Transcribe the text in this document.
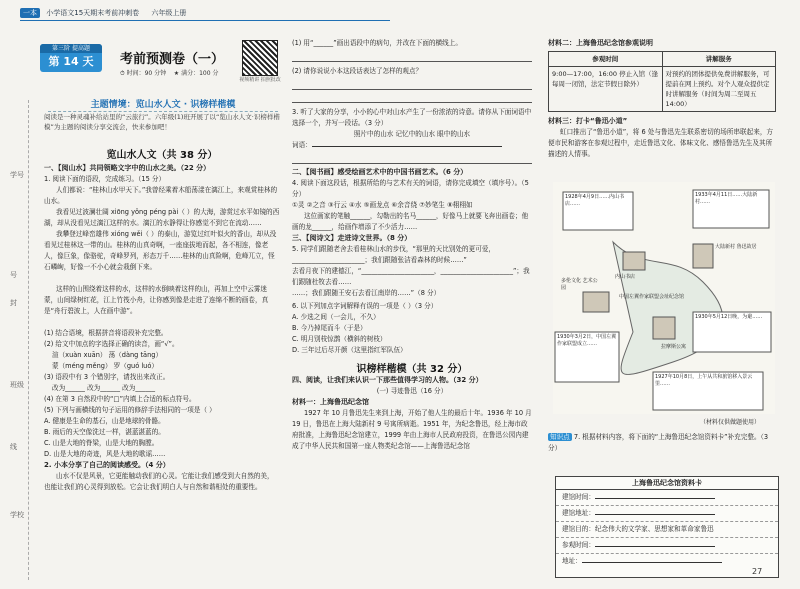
一本 小学语文15天期末考前冲刺卷 六年级上册
学号
号
封
班级
线
学校
第三阶 提高题
第 14 天	考前预测卷（一）
⏱ 时间：90 分钟 ★ 满分：100 分
视频精讲 拍照批改
主题情境：览山水人文 · 识榜样楷模
阅读是一种灵魂补给站里的“云旅行”。六年级(1)班开展了以“览山水人文·识榜样楷模”为主题的阅读分享交流会，快来参加吧！
览山水人文（共 38 分）
一、【阅山水】共同领略文字中的山水之美。（22 分）
1. 阅读下面的语段，完成练习。（15 分）
人们都说：“桂林山水甲天下。”我曾经乘着木船荡漾在漓江上，来观赏桂林的山水。
我看见过波澜壮阔 xiōng yǒng péng pài（ ）的大海，游赏过水平如镜的西湖，却从没看见过漓江这样的水。漓江的水静得让你感觉不到它在流动……
我攀登过峰峦雄伟 xióng wěi（ ）的泰山，游览过红叶似火的香山，却从没看见过桂林这一带的山。桂林的山真奇啊，一座座拔地而起，各不相连，像老人，像巨象，像骆驼，奇峰罗列，形态万千……桂林的山真险啊，危峰兀立，怪石嶙峋，好像一不小心就会栽倒下来。
这样的山围绕着这样的水，这样的水倒映着这样的山，再加上空中云雾迷蒙，山间绿树红花，江上竹筏小舟，让你感到像是走进了连绵不断的画卷，真是“舟行碧波上，人在画中游”。
(1) 结合语境，根据拼音将语段补充完整。
(2) 给文中加点的字选择正确的读音，画“√”。
渲（xuàn xuān） 荡（dàng tāng）
蒙（méng měng） 罗（guó luó）
(3) 语段中有 3 个错别字，请找出来改正。
改为______ 改为______ 改为______
(4) 在第 3 自然段中的“□”内填上合适的标点符号。
(5) 下列与画横线的句子运用的修辞手法相同的一项是（ ）
A. 健康是生命的基石，山是地球的骨骼。
B. 雨后的天空像洗过一样，湛蓝湛蓝的。
C. 山是大地的脊梁，山是大地的胸膛。
D. 山是大地的奇迹，风是大地的歌谣……
2. 小本分享了自己的阅读感受。（4 分）
山水不仅是风景，它更能触动我们的心灵。它能让我们感受到大自然的美，也能让我们的心灵得到放松。它会让我们明白人与自然和谐相处的重要性。
(1) 用“______”画出语段中的病句，并改在下面的横线上。
(2) 请你说说小本这段话表达了怎样的观点？
3. 听了大家的分享，小小的心中对山水产生了一份浓浓的诗意。请你从下面词语中选择一个，并写一段话。（3 分）
照片中的山水 记忆中的山水 眼中的山水
词语：
二、【阅书画】感受绘画艺术中的中国书画艺术。（6 分）
4. 阅读下面这段话，根据所给的与艺术有关的词语，请你完成填空（填序号）。（5 分）
①灵 ②之音 ③行云 ④水 ⑤画龙点 ⑥余音绕 ⑦妙笔生 ⑧栩栩如
这位画家的笔触______，勾勒出的名马______，好像马上就要飞奔出画卷；他画的龙______，给画作增添了不少活力……
三、【阅诗文】走进诗文世界。（8 分）
5. 同学们跟随老舍去看桂林山水的步伐，“那里的天比别处的更可爱，______________________；我们跟随张洁看森林的时候……”
去看月夜下的建德江，“______________________，______________________”；我们跟随杜牧去看……
……；我们跟随王安石去看江南岸的……”（8 分）
6. 以下列加点字词解释有误的一项是（ ）（3 分）
A. 少选之间（一会儿，不久）
B. 今乃掉尾而斗（于是）
C. 明月别枝惊鹊（横斜的树枝）
D. 三年过后尽开颜（这里指红军队伍）
识榜样楷模（共 32 分）
四、阅读，让我们来认识一下那些值得学习的人物。（32 分）
(一) 寻迹鲁迅（16 分）
材料一：上海鲁迅纪念馆
1927 年 10 月鲁迅先生来到上海，开始了他人生的最后十年。1936 年 10 月 19 日，鲁迅在上海大陆新村 9 号寓所病逝。1951 年，为纪念鲁迅，经上海市政府批准，上海鲁迅纪念馆建立，1999 年由上海市人民政府投资，在鲁迅公园内建成了中华人民共和国第一座人物类纪念馆——上海鲁迅纪念馆
材料二：上海鲁迅纪念馆参观说明
参观时间	讲解服务
9:00—17:00，16:00 停止入馆（逢每周一闭馆，法定节假日除外）	对预约的团体提供免费讲解服务，可提前在网上预约。对个人观众提供定时讲解服务（时间为周二至周五 14:00）
材料三：打卡“鲁迅小道”
虹口推出了“鲁迅小道”，将 6 处与鲁迅先生联系密切的场所串联起来，方便市民和游客在参观过程中，走近鲁迅文化、体味文化、感悟鲁迅先生及其所描述的人情事。
1928年4月9日……内山书店……
1933年4月11日……大陆新村……
内山书店
大陆新村 鲁迅故居
多伦文化 艺术公园
中国左翼作家联盟会址纪念馆
拉摩斯公寓
1930年5月12日晚，为避……
1930年3月2日，中国左翼作家联盟成立……
1927年10月8日，上午从共和旅馆移入景云里……
（材料仅供做题使用）
知识点 7. 根据材料内容，将下面的“上海鲁迅纪念馆资料卡”补充完整。（3 分）
上海鲁迅纪念馆资料卡
建馆时间：
建馆地址：
建馆目的：纪念伟大的文学家、思想家和革命家鲁迅
参观时间：
地址：
27
